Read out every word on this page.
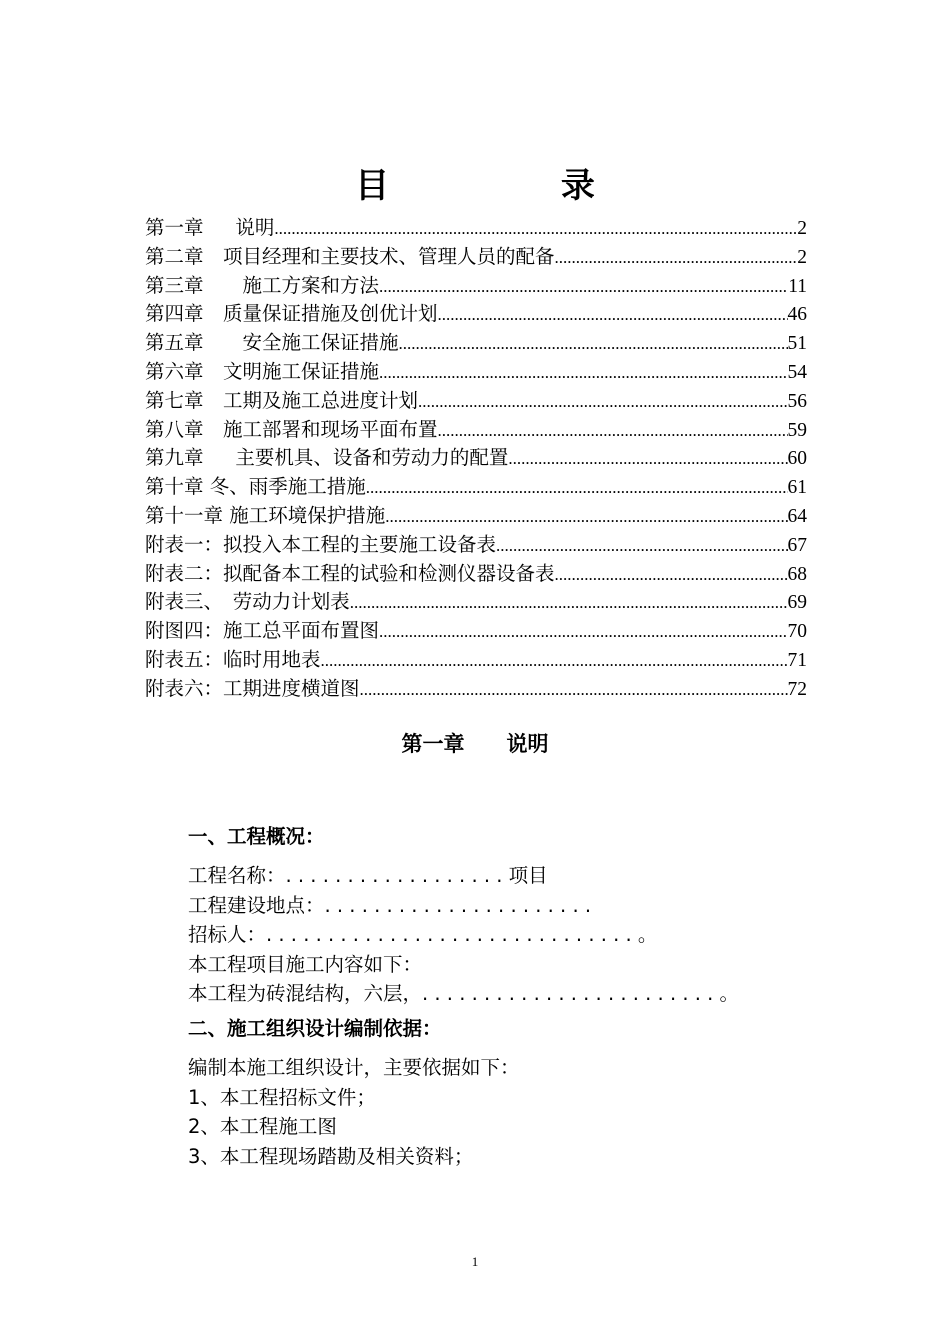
目 录
第一章　  说明 .....	2
第二章　项目经理和主要技术、管理人员的配备 .....	2
第三章　　施工方案和方法 .....	11
第四章　质量保证措施及创优计划 .....	46
第五章　　安全施工保证措施 .....	51
第六章　文明施工保证措施 .....	54
第七章　工期及施工总进度计划 .....	56
第八章　施工部署和现场平面布置 .....	59
第九章　  主要机具、设备和劳动力的配置 .....	60
第十章 冬、雨季施工措施 .....	61
第十一章 施工环境保护措施 .....	64
附表一：拟投入本工程的主要施工设备表 .....	67
附表二：拟配备本工程的试验和检测仪器设备表 .....	68
附表三、　劳动力计划表 .....	69
附图四：施工总平面布置图 .....	70
附表五：临时用地表 .....	71
附表六：工期进度横道图 .....	72
第一章　　说明
一、工程概况：
工程名称：. . . . . . . . . . . . . . . . . . 项目
工程建设地点：. . . . . . . . . . . . . . . . . . . . . .
招标人：. . . . . . . . . . . . . . . . . . . . . . . . . . . . . . 。
本工程项目施工内容如下：
本工程为砖混结构，六层，. . . . . . . . . . . . . . . . . . . . . . . . 。
二、施工组织设计编制依据：
编制本施工组织设计，主要依据如下：
1、本工程招标文件；
2、本工程施工图
3、本工程现场踏勘及相关资料；
1
